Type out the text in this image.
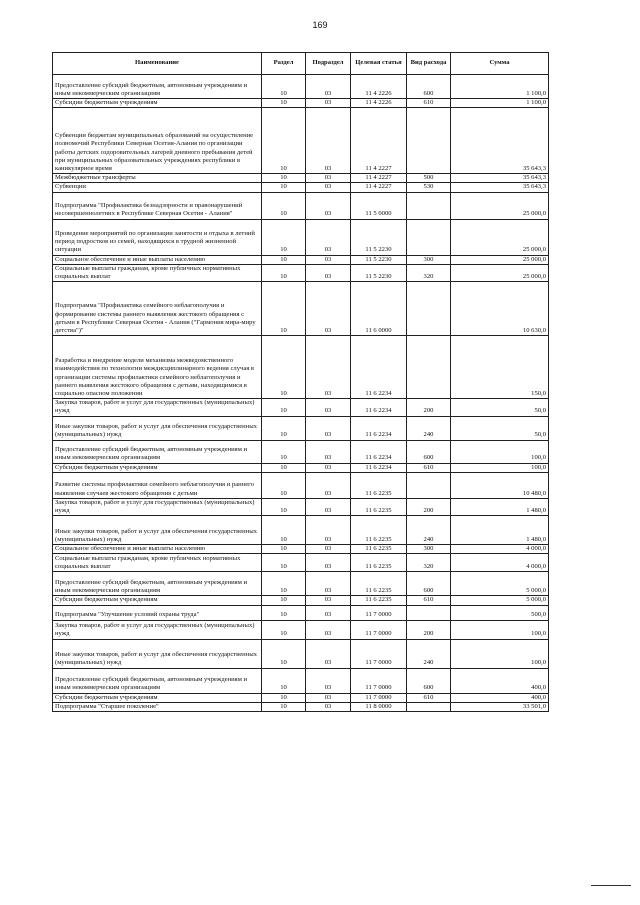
169
Наименование	Раздел	Подраздел	Целевая статья	Вид расхода	Сумма
Предоставление субсидий бюджетным, автономным учреждениям и иным некоммерческим организациям	10	03	11 4 2226	600	1 100,0
Субсидии бюджетным учреждениям	10	03	11 4 2226	610	1 100,0
Субвенции бюджетам муниципальных образований на осуществление полномочий Республики Северная Осетия-Алания по организации работы детских оздоровительных лагерей дневного пребывания детей при муниципальных образовательных учреждениях республики в каникулярное время	10	03	11 4 2227		35 643,3
Межбюджетные трансферты	10	03	11 4 2227	500	35 643,3
Субвенции	10	03	11 4 2227	530	35 643,3
Подпрограмма "Профилактика безнадзорности и правонарушений несовершеннолетних в Республике Северная Осетия - Алания"	10	03	11 5 0000		25 000,0
Проведение мероприятий по организации занятости и отдыха в летний период подростков из семей, находящихся в трудной жизненной ситуации	10	03	11 5 2230		25 000,0
Социальное обеспечение и иные выплаты населению	10	03	11 5 2230	300	25 000,0
Социальные выплаты гражданам, кроме публичных нормативных социальных выплат	10	03	11 5 2230	320	25 000,0
Подпрограмма "Профилактика семейного неблагополучия и формирование системы раннего выявления жестокого обращения с детьми в Республике Северная Осетия - Алания ("Гармония мира-миру детства")"	10	03	11 6 0000		10 630,0
Разработка и внедрение модели механизма межведомственного взаимодействия по технологии междисциплинарного ведения случая в организации системы профилактики семейного неблагополучия и раннего выявления жестокого обращения с детьми, находящимися в социально опасном положении	10	03	11 6 2234		150,0
Закупка товаров, работ и услуг для государственных (муниципальных) нужд	10	03	11 6 2234	200	50,0
Иные закупки товаров, работ и услуг для обеспечения государственных (муниципальных) нужд	10	03	11 6 2234	240	50,0
Предоставление субсидий бюджетным, автономным учреждениям и иным некоммерческим организациям	10	03	11 6 2234	600	100,0
Субсидии бюджетным учреждениям	10	03	11 6 2234	610	100,0
Развитие системы профилактики семейного неблагополучия и раннего выявления случаев жестокого обращения с детьми	10	03	11 6 2235		10 480,0
Закупка товаров, работ и услуг для государственных (муниципальных) нужд	10	03	11 6 2235	200	1 480,0
Иные закупки товаров, работ и услуг для обеспечения государственных (муниципальных) нужд	10	03	11 6 2235	240	1 480,0
Социальное обеспечение и иные выплаты населению	10	03	11 6 2235	300	4 000,0
Социальные выплаты гражданам, кроме публичных нормативных социальных выплат	10	03	11 6 2235	320	4 000,0
Предоставление субсидий бюджетным, автономным учреждениям и иным некоммерческим организациям	10	03	11 6 2235	600	5 000,0
Субсидии бюджетным учреждениям	10	03	11 6 2235	610	5 000,0
Подпрограмма "Улучшение условий охраны труда"	10	03	11 7 0000		500,0
Закупка товаров, работ и услуг для государственных (муниципальных) нужд	10	03	11 7 0000	200	100,0
Иные закупки товаров, работ и услуг для обеспечения государственных (муниципальных) нужд	10	03	11 7 0000	240	100,0
Предоставление субсидий бюджетным, автономным учреждениям и иным некоммерческим организациям	10	03	11 7 0000	600	400,0
Субсидии бюджетным учреждениям	10	03	11 7 0000	610	400,0
Подпрограмма "Старшее поколение"	10	03	11 8 0000		33 501,0
